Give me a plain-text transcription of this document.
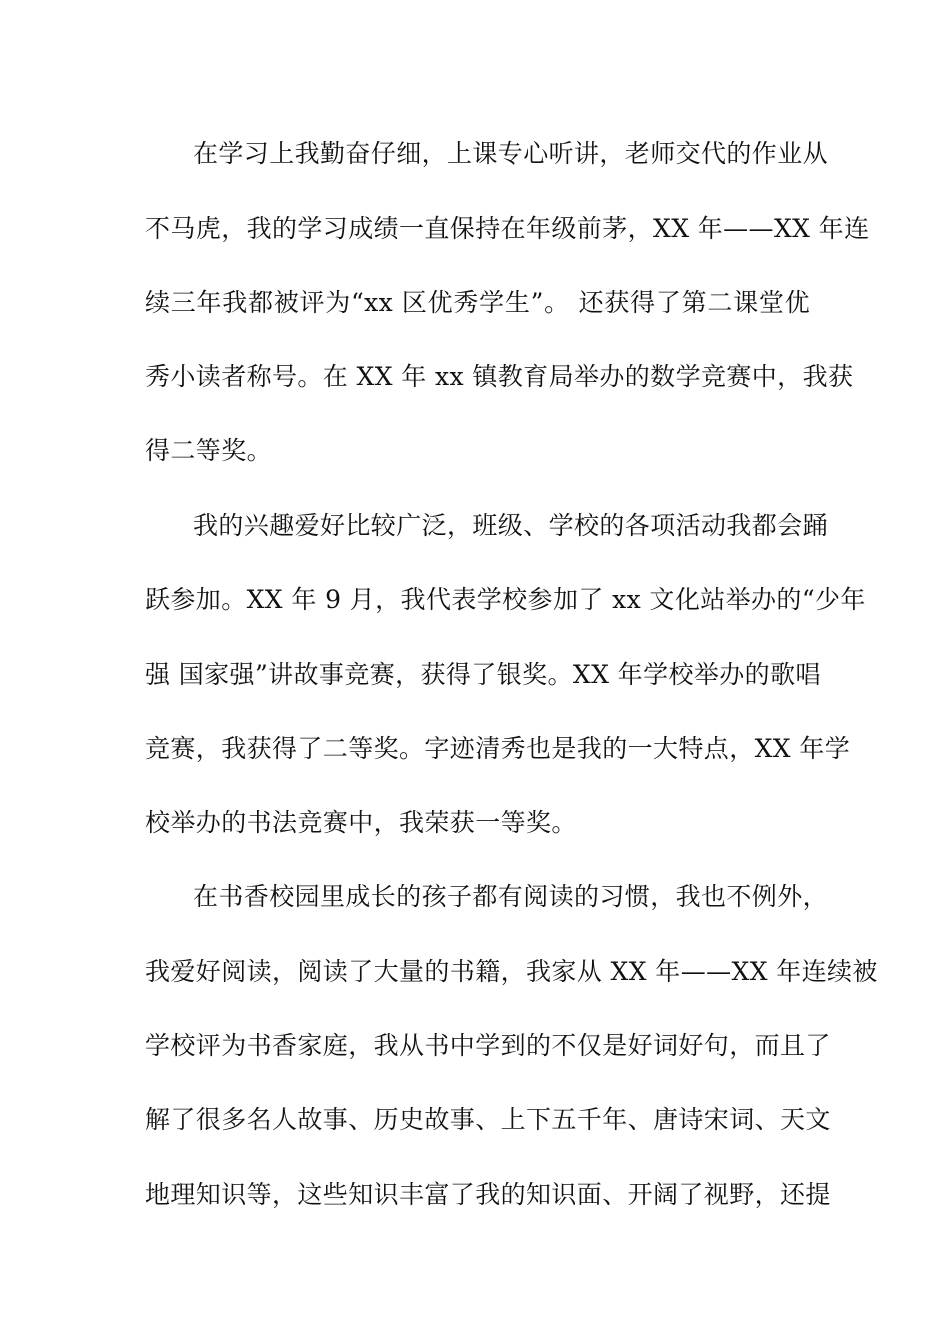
在学习上我勤奋仔细，上课专心听讲，老师交代的作业从
不马虎，我的学习成绩一直保持在年级前茅，XX 年——XX 年连
续三年我都被评为“xx 区优秀学生”。 还获得了第二课堂优
秀小读者称号。在 XX 年 xx 镇教育局举办的数学竞赛中，我获
得二等奖。
我的兴趣爱好比较广泛，班级、学校的各项活动我都会踊
跃参加。XX 年 9 月，我代表学校参加了 xx 文化站举办的“少年
强 国家强”讲故事竞赛，获得了银奖。XX 年学校举办的歌唱
竞赛，我获得了二等奖。字迹清秀也是我的一大特点，XX 年学
校举办的书法竞赛中，我荣获一等奖。
在书香校园里成长的孩子都有阅读的习惯，我也不例外，
我爱好阅读，阅读了大量的书籍，我家从 XX 年——XX 年连续被
学校评为书香家庭，我从书中学到的不仅是好词好句，而且了
解了很多名人故事、历史故事、上下五千年、唐诗宋词、天文
地理知识等，这些知识丰富了我的知识面、开阔了视野，还提
